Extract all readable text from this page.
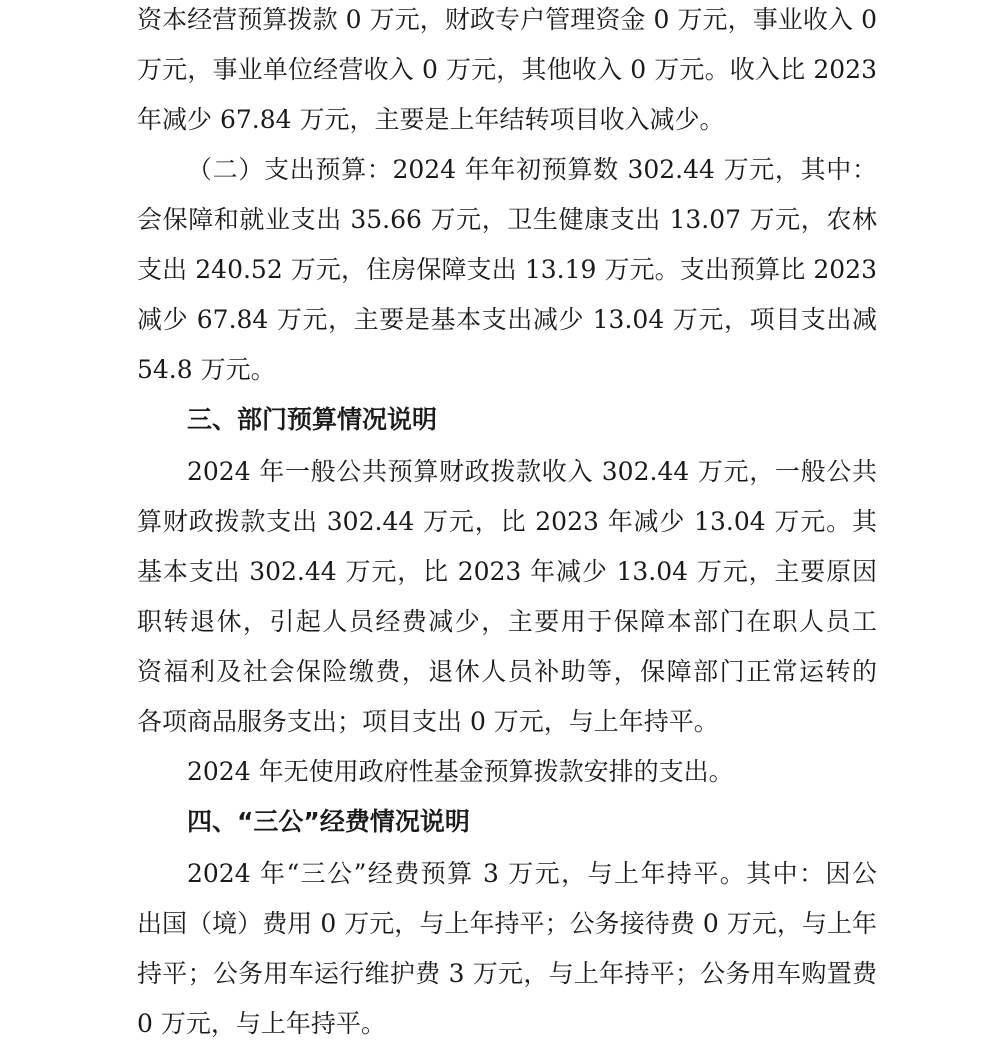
资本经营预算拨款 0 万元，财政专户管理资金 0 万元，事业收入 0
万元，事业单位经营收入 0 万元，其他收入 0 万元。收入比 2023
年减少 67.84 万元，主要是上年结转项目收入减少。
（二）支出预算：2024 年年初预算数 302.44 万元，其中：
会保障和就业支出 35.66 万元，卫生健康支出 13.07 万元，农林
支出 240.52 万元，住房保障支出 13.19 万元。支出预算比 2023
减少 67.84 万元，主要是基本支出减少 13.04 万元，项目支出减
54.8 万元。
三、部门预算情况说明
2024 年一般公共预算财政拨款收入 302.44 万元，一般公共
算财政拨款支出 302.44 万元，比 2023 年减少 13.04 万元。其
基本支出 302.44 万元，比 2023 年减少 13.04 万元，主要原因
职转退休，引起人员经费减少，主要用于保障本部门在职人员工
资福利及社会保险缴费，退休人员补助等，保障部门正常运转的
各项商品服务支出；项目支出 0 万元，与上年持平。
2024 年无使用政府性基金预算拨款安排的支出。
四、“三公”经费情况说明
2024 年“三公”经费预算 3 万元，与上年持平。其中：因公
出国（境）费用 0 万元，与上年持平；公务接待费 0 万元，与上年
持平；公务用车运行维护费 3 万元，与上年持平；公务用车购置费
0 万元，与上年持平。
